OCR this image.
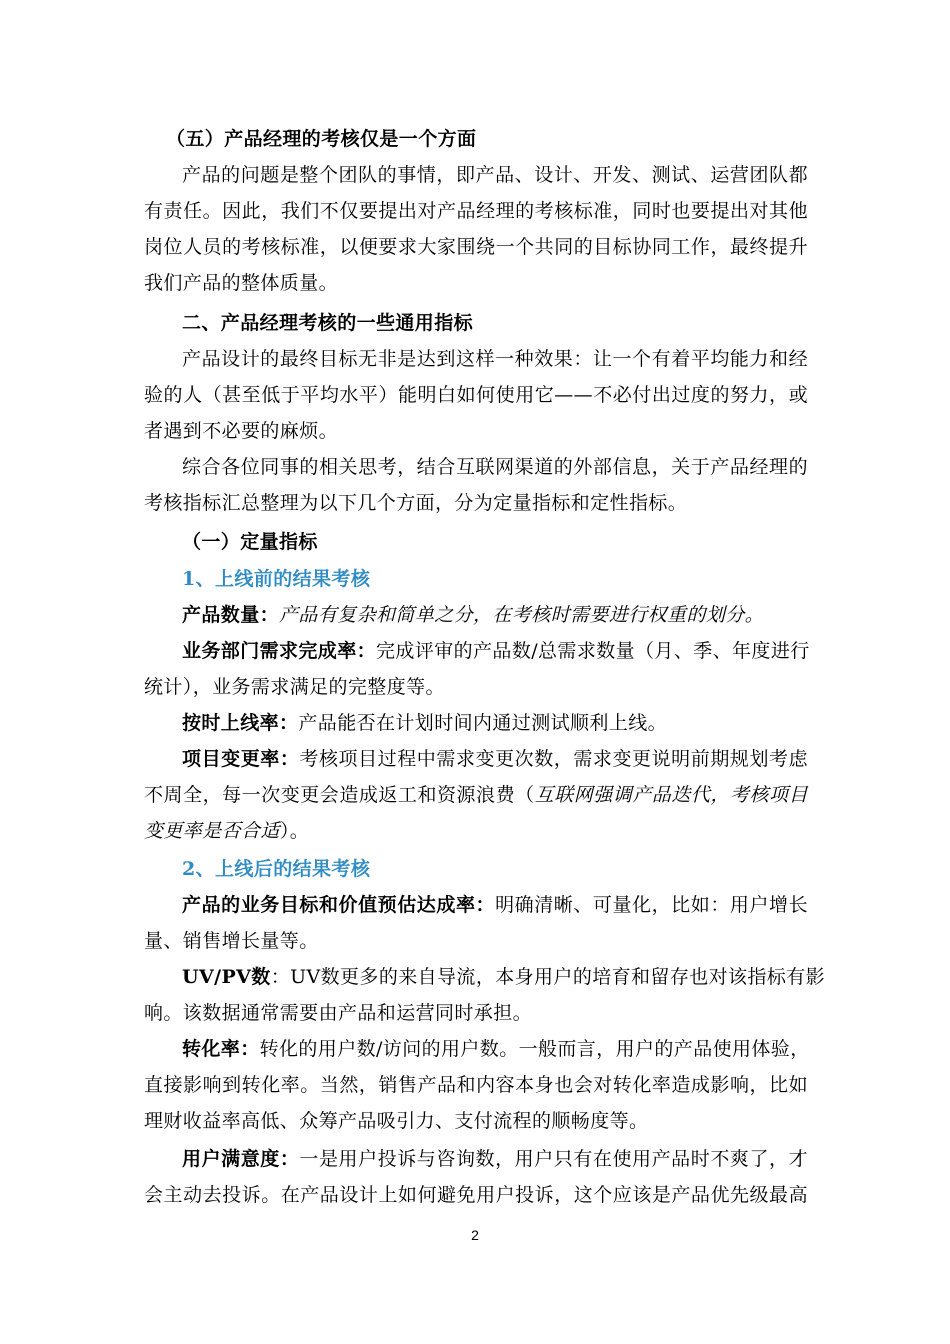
（五）产品经理的考核仅是一个方面
产品的问题是整个团队的事情，即产品、设计、开发、测试、运营团队都
有责任。因此，我们不仅要提出对产品经理的考核标准，同时也要提出对其他
岗位人员的考核标准，以便要求大家围绕一个共同的目标协同工作，最终提升
我们产品的整体质量。
二、产品经理考核的一些通用指标
产品设计的最终目标无非是达到这样一种效果：让一个有着平均能力和经
验的人（甚至低于平均水平）能明白如何使用它——不必付出过度的努力，或
者遇到不必要的麻烦。
综合各位同事的相关思考，结合互联网渠道的外部信息，关于产品经理的
考核指标汇总整理为以下几个方面，分为定量指标和定性指标。
（一）定量指标
1、上线前的结果考核
产品数量：产品有复杂和简单之分，在考核时需要进行权重的划分。
业务部门需求完成率：完成评审的产品数/总需求数量（月、季、年度进行
统计），业务需求满足的完整度等。
按时上线率：产品能否在计划时间内通过测试顺利上线。
项目变更率：考核项目过程中需求变更次数，需求变更说明前期规划考虑
不周全，每一次变更会造成返工和资源浪费（互联网强调产品迭代，考核项目
变更率是否合适）。
2、上线后的结果考核
产品的业务目标和价值预估达成率：明确清晰、可量化，比如：用户增长
量、销售增长量等。
UV/PV数：UV数更多的来自导流，本身用户的培育和留存也对该指标有影
响。该数据通常需要由产品和运营同时承担。
转化率：转化的用户数/访问的用户数。一般而言，用户的产品使用体验，
直接影响到转化率。当然，销售产品和内容本身也会对转化率造成影响，比如
理财收益率高低、众筹产品吸引力、支付流程的顺畅度等。
用户满意度：一是用户投诉与咨询数，用户只有在使用产品时不爽了，才
会主动去投诉。在产品设计上如何避免用户投诉，这个应该是产品优先级最高
2
